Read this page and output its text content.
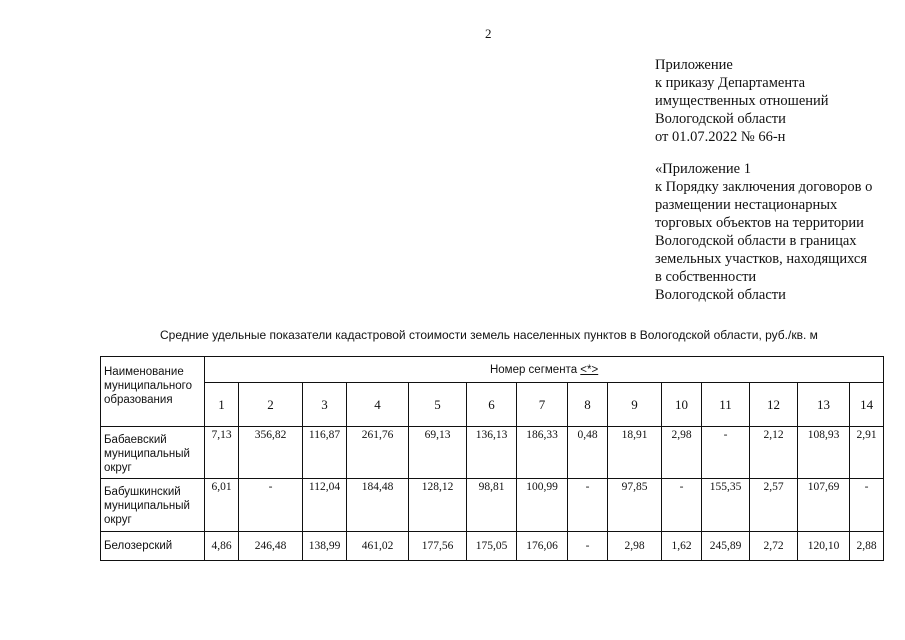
2
Приложение
к приказу Департамента
имущественных отношений
Вологодской области
от 01.07.2022 № 66-н
«Приложение 1
к Порядку заключения договоров о
размещении нестационарных
торговых объектов на территории
Вологодской области в границах
земельных участков, находящихся
в собственности
Вологодской области
Средние удельные показатели кадастровой стоимости земель населенных пунктов в Вологодской области, руб./кв. м
Наименование муниципального образования	Номер сегмента <*>													
	1	2	3	4	5	6	7	8	9	10	11	12	13	14
Бабаевский муниципальный округ	7,13	356,82	116,87	261,76	69,13	136,13	186,33	0,48	18,91	2,98	-	2,12	108,93	2,91
Бабушкинский муниципальный округ	6,01	-	112,04	184,48	128,12	98,81	100,99	-	97,85	-	155,35	2,57	107,69	-
Белозерский	4,86	246,48	138,99	461,02	177,56	175,05	176,06	-	2,98	1,62	245,89	2,72	120,10	2,88
